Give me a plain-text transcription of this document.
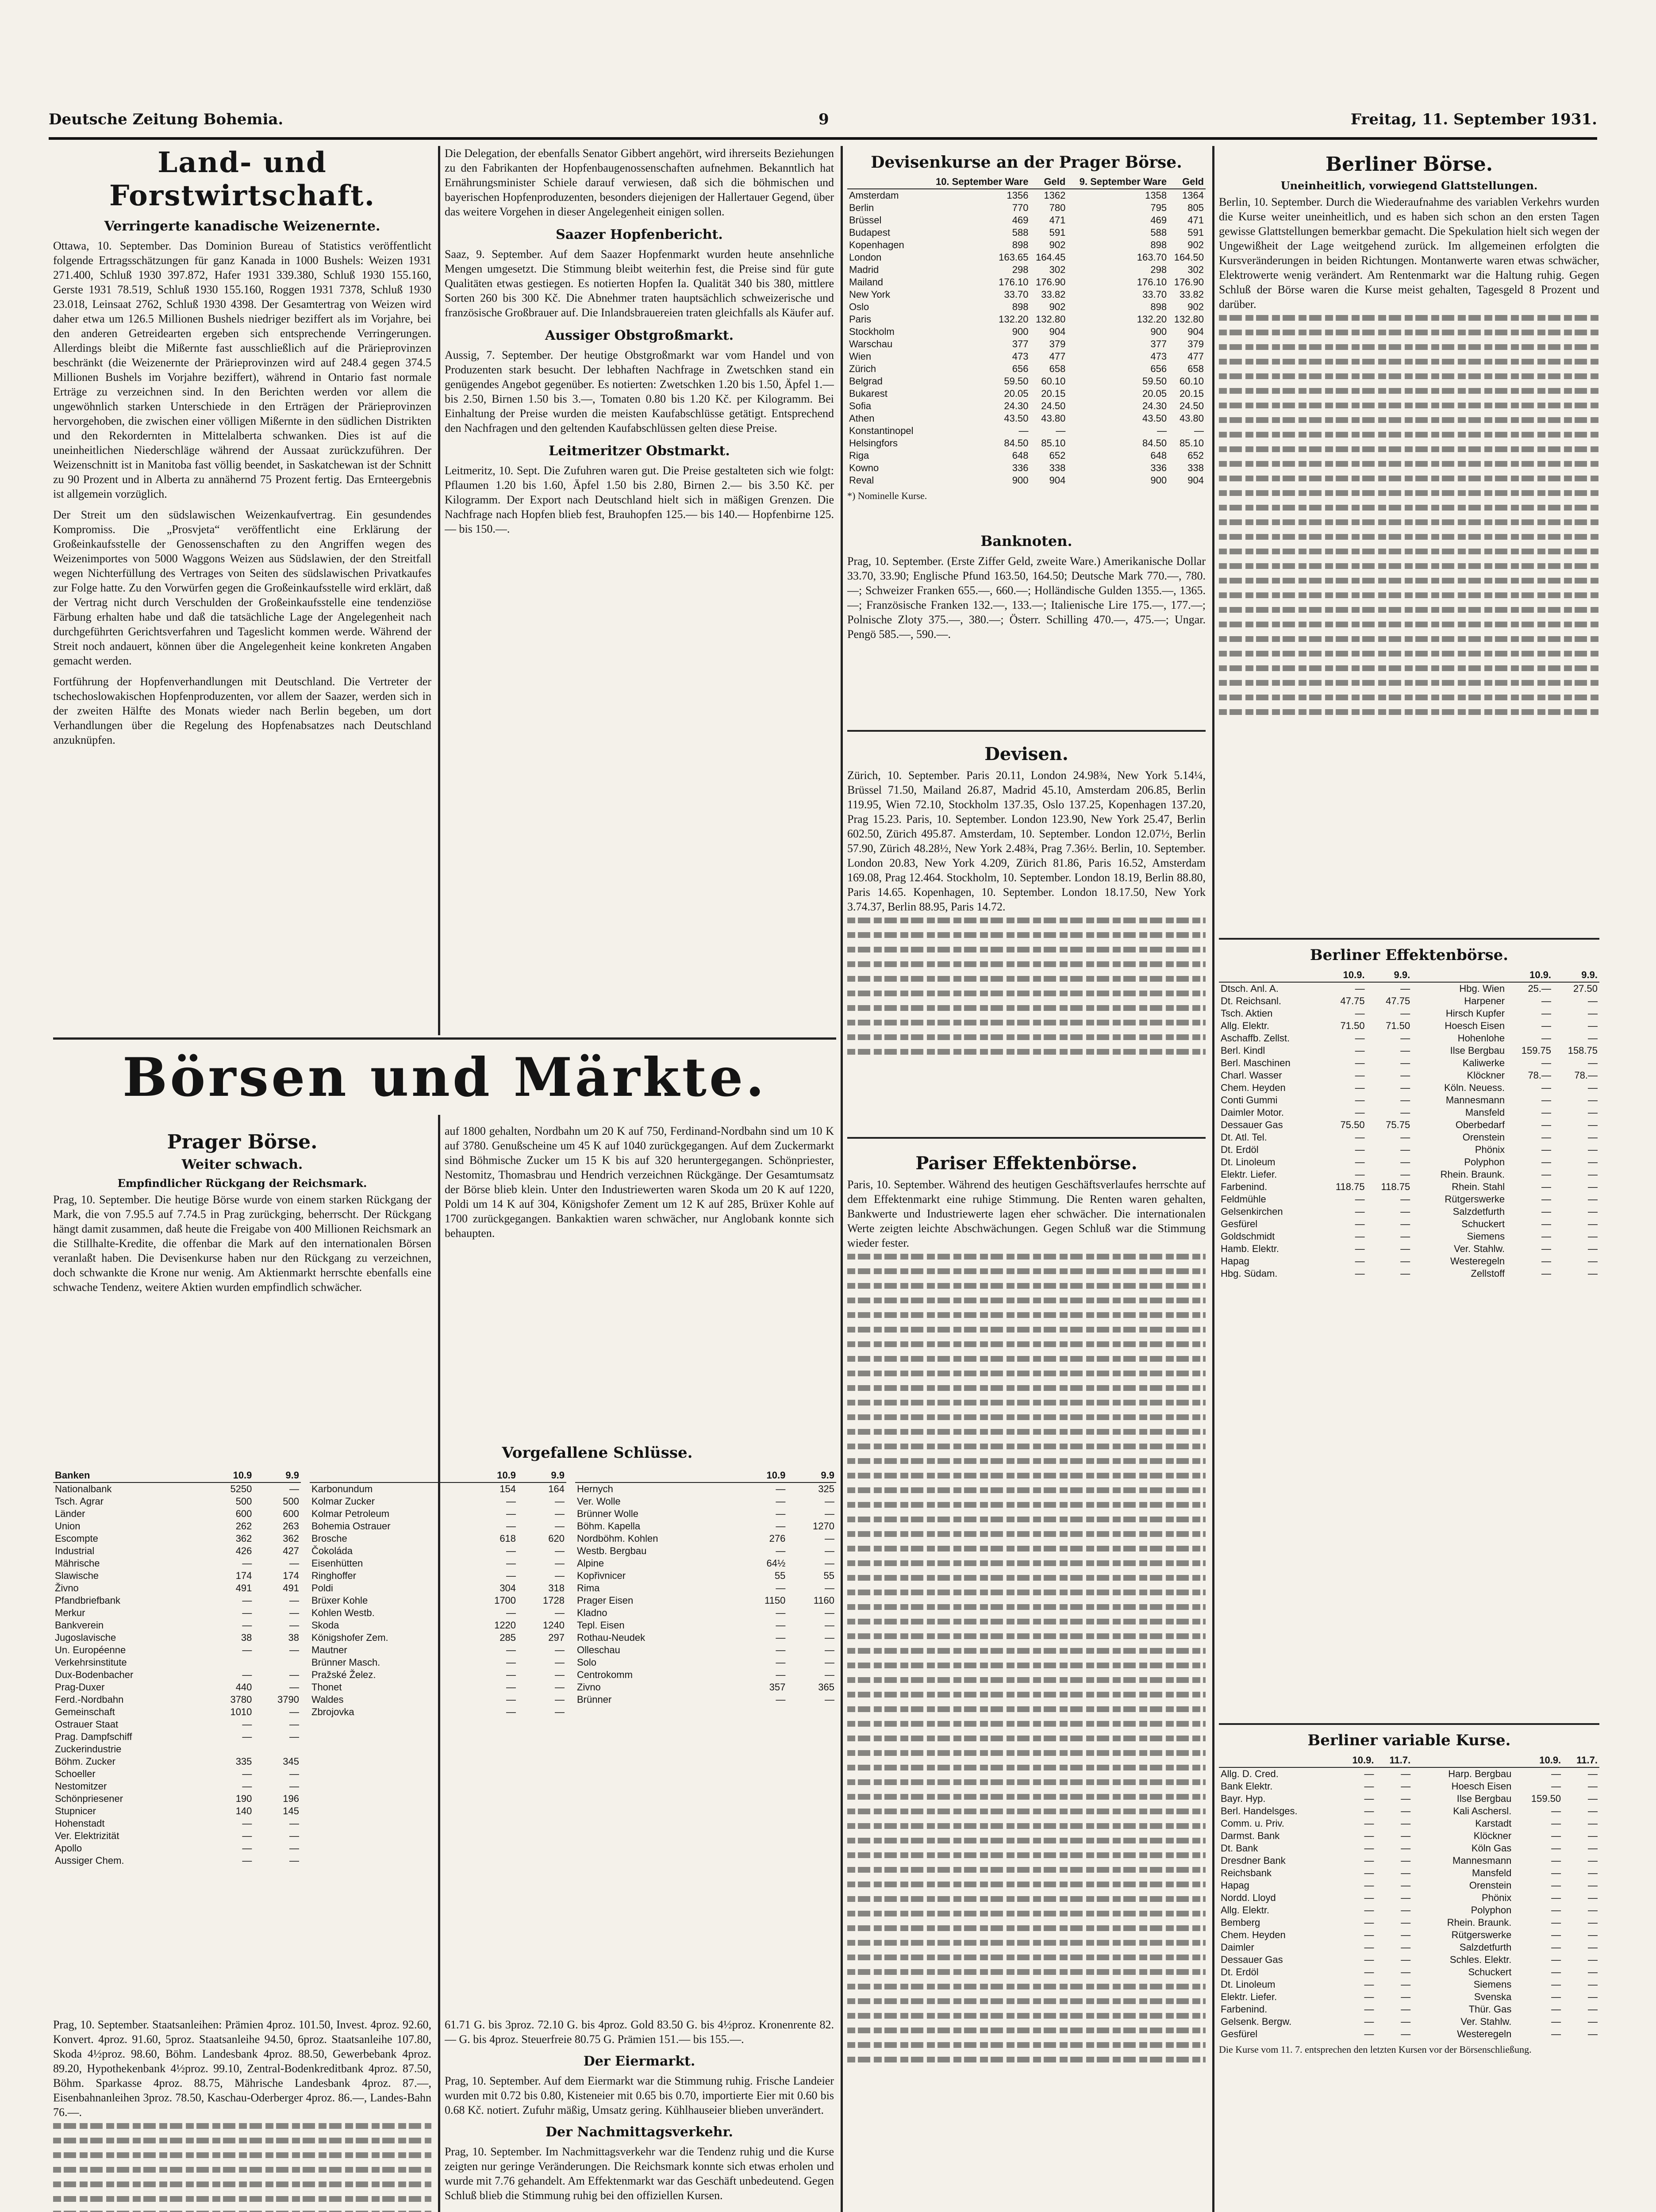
Deutsche Zeitung Bohemia.	9	Freitag, 11. September 1931.
Land- und Forstwirtschaft.
Verringerte kanadische Weizenernte.

Ottawa, 10. September. Das Dominion Bureau of Statistics veröffentlicht folgende Ertragsschätzungen für ganz Kanada in 1000 Bushels: Weizen 1931 271.400, Schluß 1930 397.872, Hafer 1931 339.380, Schluß 1930 155.160, Gerste 1931 78.519, Schluß 1930 155.160, Roggen 1931 7378, Schluß 1930 23.018, Leinsaat 2762, Schluß 1930 4398. Der Gesamtertrag von Weizen wird daher etwa um 126.5 Millionen Bushels niedriger beziffert als im Vorjahre, bei den anderen Getreidearten ergeben sich entsprechende Verringerungen. Allerdings bleibt die Mißernte fast ausschließlich auf die Prärieprovinzen beschränkt (die Weizenernte der Prärieprovinzen wird auf 248.4 gegen 374.5 Millionen Bushels im Vorjahre beziffert), während in Ontario fast normale Erträge zu verzeichnen sind. In den Berichten werden vor allem die ungewöhnlich starken Unterschiede in den Erträgen der Prärieprovinzen hervorgehoben, die zwischen einer völligen Mißernte in den südlichen Distrikten und den Rekordernten in Mittelalberta schwanken. Dies ist auf die uneinheitlichen Niederschläge während der Aussaat zurückzuführen. Der Weizenschnitt ist in Manitoba fast völlig beendet, in Saskatchewan ist der Schnitt zu 90 Prozent und in Alberta zu annähernd 75 Prozent fertig. Das Ernteergebnis ist allgemein vorzüglich.

Der Streit um den südslawischen Weizenkaufvertrag. Ein gesundendes Kompromiss. Die „Prosvjeta“ veröffentlicht eine Erklärung der Großeinkaufsstelle der Genossenschaften zu den Angriffen wegen des Weizenimportes von 5000 Waggons Weizen aus Südslawien, der den Streitfall wegen Nichterfüllung des Vertrages von Seiten des südslawischen Privatkaufes zur Folge hatte. Zu den Vorwürfen gegen die Großeinkaufsstelle wird erklärt, daß der Vertrag nicht durch Verschulden der Großeinkaufsstelle eine tendenziöse Färbung erhalten habe und daß die tatsächliche Lage der Angelegenheit nach durchgeführten Gerichtsverfahren und Tageslicht kommen werde. Während der Streit noch andauert, können über die Angelegenheit keine konkreten Angaben gemacht werden.

Fortführung der Hopfenverhandlungen mit Deutschland. Die Vertreter der tschechoslowakischen Hopfenproduzenten, vor allem der Saazer, werden sich in der zweiten Hälfte des Monats wieder nach Berlin begeben, um dort Verhandlungen über die Regelung des Hopfenabsatzes nach Deutschland anzuknüpfen.

Die Delegation, der ebenfalls Senator Gibbert angehört, wird ihrerseits Beziehungen zu den Fabrikanten der Hopfenbaugenossenschaften aufnehmen. Bekanntlich hat Ernährungsminister Schiele darauf verwiesen, daß sich die böhmischen und bayerischen Hopfenproduzenten, besonders diejenigen der Hallertauer Gegend, über das weitere Vorgehen in dieser Angelegenheit einigen sollen.

Saazer Hopfenbericht.

Saaz, 9. September. Auf dem Saazer Hopfenmarkt wurden heute ansehnliche Mengen umgesetzt. Die Stimmung bleibt weiterhin fest, die Preise sind für gute Qualitäten etwas gestiegen. Es notierten Hopfen Ia. Qualität 340 bis 380, mittlere Sorten 260 bis 300 Kč. Die Abnehmer traten hauptsächlich schweizerische und französische Großbrauer auf. Die Inlandsbrauereien traten gleichfalls als Käufer auf.

Aussiger Obstgroßmarkt.

Aussig, 7. September. Der heutige Obstgroßmarkt war vom Handel und von Produzenten stark besucht. Der lebhaften Nachfrage in Zwetschken stand ein genügendes Angebot gegenüber. Es notierten: Zwetschken 1.20 bis 1.50, Äpfel 1.— bis 2.50, Birnen 1.50 bis 3.—, Tomaten 0.80 bis 1.20 Kč. per Kilogramm. Bei Einhaltung der Preise wurden die meisten Kaufabschlüsse getätigt. Entsprechend den Nachfragen und den geltenden Kaufabschlüssen gelten diese Preise.

Leitmeritzer Obstmarkt.

Leitmeritz, 10. Sept. Die Zufuhren waren gut. Die Preise gestalteten sich wie folgt: Pflaumen 1.20 bis 1.60, Äpfel 1.50 bis 2.80, Birnen 2.— bis 3.50 Kč. per Kilogramm. Der Export nach Deutschland hielt sich in mäßigen Grenzen. Die Nachfrage nach Hopfen blieb fest, Brauhopfen 125.— bis 140.— Hopfenbirne 125.— bis 150.—.

Börsen und Märkte.
Prager Börse.
Weiter schwach.
Empfindlicher Rückgang der Reichsmark.

Prag, 10. September. Die heutige Börse wurde von einem starken Rückgang der Mark, die von 7.95.5 auf 7.74.5 in Prag zurückging, beherrscht. Der Rückgang hängt damit zusammen, daß heute die Freigabe von 400 Millionen Reichsmark an die Stillhalte-Kredite, die offenbar die Mark auf den internationalen Börsen veranlaßt haben. Die Devisenkurse haben nur den Rückgang zu verzeichnen, doch schwankte die Krone nur wenig. Am Aktienmarkt herrschte ebenfalls eine schwache Tendenz, weitere Aktien wurden empfindlich schwächer.

auf 1800 gehalten, Nordbahn um 20 K auf 750, Ferdinand-Nordbahn sind um 10 K auf 3780. Genußscheine um 45 K auf 1040 zurückgegangen. Auf dem Zuckermarkt sind Böhmische Zucker um 15 K bis auf 320 heruntergegangen. Schönpriester, Nestomitz, Thomasbrau und Hendrich verzeichnen Rückgänge. Der Gesamtumsatz der Börse blieb klein. Unter den Industriewerten waren Skoda um 20 K auf 1220, Poldi um 14 K auf 304, Königshofer Zement um 12 K auf 285, Brüxer Kohle auf 1700 zurückgegangen. Bankaktien waren schwächer, nur Anglobank konnte sich behaupten.

Vorgefallene Schlüsse.
Banken	10.9	9.9
Nationalbank	5250	—
Tsch. Agrar	500	500
Länder	600	600
Union	262	263
Escompte	362	362
Industrial	426	427
Mährische	—	—
Slawische	174	174
Živno	491	491
Pfandbriefbank	—	—
Merkur	—	—
Bankverein	—	—
Jugoslavische	38	38
Un. Européenne	—	—
Verkehrsinstitute		
Dux-Bodenbacher	—	—
Prag-Duxer	440	—
Ferd.-Nordbahn	3780	3790
Gemeinschaft	1010	—
Ostrauer Staat	—	—
Prag. Dampfschiff	—	—
Zuckerindustrie		
Böhm. Zucker	335	345
Schoeller	—	—
Nestomitzer	—	—
Schönpriesener	190	196
Stupnicer	140	145
Hohenstadt	—	—
Ver. Elektrizität	—	—
Apollo	—	—
Aussiger Chem.	—	—
	10.9	9.9
Karbonundum	154	164
Kolmar Zucker	—	—
Kolmar Petroleum	—	—
Bohemia Ostrauer	—	—
Brosche	618	620
Čokoláda	—	—
Eisenhütten	—	—
Ringhoffer	—	—
Poldi	304	318
Brüxer Kohle	1700	1728
Kohlen Westb.	—	—
Skoda	1220	1240
Königshofer Zem.	285	297
Mautner	—	—
Brünner Masch.	—	—
Pražské Želez.	—	—
Thonet	—	—
Waldes	—	—
Zbrojovka	—	—
	10.9	9.9
Hernych	—	325
Ver. Wolle	—	—
Brünner Wolle	—	—
Böhm. Kapella	—	1270
Nordböhm. Kohlen	276	—
Westb. Bergbau	—	—
Alpine	64½	—
Kopřivnicer	55	55
Rima	—	—
Prager Eisen	1150	1160
Kladno	—	—
Tepl. Eisen	—	—
Rothau-Neudek	—	—
Olleschau	—	—
Solo	—	—
Centrokomm	—	—
Zivno	357	365
Brünner	—	—

Prag, 10. September. Staatsanleihen: Prämien 4proz. 101.50, Invest. 4proz. 92.60, Konvert. 4proz. 91.60, 5proz. Staatsanleihe 94.50, 6proz. Staatsanleihe 107.80, Skoda 4½proz. 98.60, Böhm. Landesbank 4proz. 88.50, Gewerbebank 4proz. 89.20, Hypothekenbank 4½proz. 99.10, Zentral-Bodenkreditbank 4proz. 87.50, Böhm. Sparkasse 4proz. 88.75, Mährische Landesbank 4proz. 87.—, Eisenbahnanleihen 3proz. 78.50, Kaschau-Oderberger 4proz. 86.—, Landes-Bahn 76.—.

61.71 G. bis 3proz. 72.10 G. bis 4proz. Gold 83.50 G. bis 4½proz. Kronenrente 82.— G. bis 4proz. Steuerfreie 80.75 G. Prämien 151.— bis 155.—.

Der Eiermarkt.

Prag, 10. September. Auf dem Eiermarkt war die Stimmung ruhig. Frische Landeier wurden mit 0.72 bis 0.80, Kisteneier mit 0.65 bis 0.70, importierte Eier mit 0.60 bis 0.68 Kč. notiert. Zufuhr mäßig, Umsatz gering. Kühlhauseier blieben unverändert.

Der Nachmittagsverkehr.

Prag, 10. September. Im Nachmittagsverkehr war die Tendenz ruhig und die Kurse zeigten nur geringe Veränderungen. Die Reichsmark konnte sich etwas erholen und wurde mit 7.76 gehandelt. Am Effektenmarkt war das Geschäft unbedeutend. Gegen Schluß blieb die Stimmung ruhig bei den offiziellen Kursen.

Devisenkurse an der Prager Börse.
	10. September Ware	Geld	9. September Ware	Geld
Amsterdam	1356	1362	1358	1364
Berlin	770	780	795	805
Brüssel	469	471	469	471
Budapest	588	591	588	591
Kopenhagen	898	902	898	902
London	163.65	164.45	163.70	164.50
Madrid	298	302	298	302
Mailand	176.10	176.90	176.10	176.90
New York	33.70	33.82	33.70	33.82
Oslo	898	902	898	902
Paris	132.20	132.80	132.20	132.80
Stockholm	900	904	900	904
Warschau	377	379	377	379
Wien	473	477	473	477
Zürich	656	658	656	658
Belgrad	59.50	60.10	59.50	60.10
Bukarest	20.05	20.15	20.05	20.15
Sofia	24.30	24.50	24.30	24.50
Athen	43.50	43.80	43.50	43.80
Konstantinopel	—	—	—	—
Helsingfors	84.50	85.10	84.50	85.10
Riga	648	652	648	652
Kowno	336	338	336	338
Reval	900	904	900	904
*) Nominelle Kurse.
Banknoten.

Prag, 10. September. (Erste Ziffer Geld, zweite Ware.) Amerikanische Dollar 33.70, 33.90; Englische Pfund 163.50, 164.50; Deutsche Mark 770.—, 780.—; Schweizer Franken 655.—, 660.—; Holländische Gulden 1355.—, 1365.—; Französische Franken 132.—, 133.—; Italienische Lire 175.—, 177.—; Polnische Zloty 375.—, 380.—; Österr. Schilling 470.—, 475.—; Ungar. Pengö 585.—, 590.—.

Devisen.

Zürich, 10. September. Paris 20.11, London 24.98¾, New York 5.14¼, Brüssel 71.50, Mailand 26.87, Madrid 45.10, Amsterdam 206.85, Berlin 119.95, Wien 72.10, Stockholm 137.35, Oslo 137.25, Kopenhagen 137.20, Prag 15.23. Paris, 10. September. London 123.90, New York 25.47, Berlin 602.50, Zürich 495.87. Amsterdam, 10. September. London 12.07½, Berlin 57.90, Zürich 48.28½, New York 2.48¾, Prag 7.36½. Berlin, 10. September. London 20.83, New York 4.209, Zürich 81.86, Paris 16.52, Amsterdam 169.08, Prag 12.464. Stockholm, 10. September. London 18.19, Berlin 88.80, Paris 14.65. Kopenhagen, 10. September. London 18.17.50, New York 3.74.37, Berlin 88.95, Paris 14.72.

Pariser Effektenbörse.

Paris, 10. September. Während des heutigen Geschäftsverlaufes herrschte auf dem Effektenmarkt eine ruhige Stimmung. Die Renten waren gehalten, Bankwerte und Industriewerte lagen eher schwächer. Die internationalen Werte zeigten leichte Abschwächungen. Gegen Schluß war die Stimmung wieder fester.

Berliner Börse.
Uneinheitlich, vorwiegend Glattstellungen.

Berlin, 10. September. Durch die Wiederaufnahme des variablen Verkehrs wurden die Kurse weiter uneinheitlich, und es haben sich schon an den ersten Tagen gewisse Glattstellungen bemerkbar gemacht. Die Spekulation hielt sich wegen der Ungewißheit der Lage weitgehend zurück. Im allgemeinen erfolgten die Kursveränderungen in beiden Richtungen. Montanwerte waren etwas schwächer, Elektrowerte wenig verändert. Am Rentenmarkt war die Haltung ruhig. Gegen Schluß der Börse waren die Kurse meist gehalten, Tagesgeld 8 Prozent und darüber.

Berliner Effektenbörse.
	10.9.	9.9.		10.9.	9.9.
Dtsch. Anl. A.	—	—	Hbg. Wien	25.—	27.50
Dt. Reichsanl.	47.75	47.75	Harpener	—	—
Tsch. Aktien	—	—	Hirsch Kupfer	—	—
Allg. Elektr.	71.50	71.50	Hoesch Eisen	—	—
Aschaffb. Zellst.	—	—	Hohenlohe	—	—
Berl. Kindl	—	—	Ilse Bergbau	159.75	158.75
Berl. Maschinen	—	—	Kaliwerke	—	—
Charl. Wasser	—	—	Klöckner	78.—	78.—
Chem. Heyden	—	—	Köln. Neuess.	—	—
Conti Gummi	—	—	Mannesmann	—	—
Daimler Motor.	—	—	Mansfeld	—	—
Dessauer Gas	75.50	75.75	Oberbedarf	—	—
Dt. Atl. Tel.	—	—	Orenstein	—	—
Dt. Erdöl	—	—	Phönix	—	—
Dt. Linoleum	—	—	Polyphon	—	—
Elektr. Liefer.	—	—	Rhein. Braunk.	—	—
Farbenind.	118.75	118.75	Rhein. Stahl	—	—
Feldmühle	—	—	Rütgerswerke	—	—
Gelsenkirchen	—	—	Salzdetfurth	—	—
Gesfürel	—	—	Schuckert	—	—
Goldschmidt	—	—	Siemens	—	—
Hamb. Elektr.	—	—	Ver. Stahlw.	—	—
Hapag	—	—	Westeregeln	—	—
Hbg. Südam.	—	—	Zellstoff	—	—
Berliner variable Kurse.
	10.9.	11.7.		10.9.	11.7.
Allg. D. Cred.	—	—	Harp. Bergbau	—	—
Bank Elektr.	—	—	Hoesch Eisen	—	—
Bayr. Hyp.	—	—	Ilse Bergbau	159.50	—
Berl. Handelsges.	—	—	Kali Aschersl.	—	—
Comm. u. Priv.	—	—	Karstadt	—	—
Darmst. Bank	—	—	Klöckner	—	—
Dt. Bank	—	—	Köln Gas	—	—
Dresdner Bank	—	—	Mannesmann	—	—
Reichsbank	—	—	Mansfeld	—	—
Hapag	—	—	Orenstein	—	—
Nordd. Lloyd	—	—	Phönix	—	—
Allg. Elektr.	—	—	Polyphon	—	—
Bemberg	—	—	Rhein. Braunk.	—	—
Chem. Heyden	—	—	Rütgerswerke	—	—
Daimler	—	—	Salzdetfurth	—	—
Dessauer Gas	—	—	Schles. Elektr.	—	—
Dt. Erdöl	—	—	Schuckert	—	—
Dt. Linoleum	—	—	Siemens	—	—
Elektr. Liefer.	—	—	Svenska	—	—
Farbenind.	—	—	Thür. Gas	—	—
Gelsenk. Bergw.	—	—	Ver. Stahlw.	—	—
Gesfürel	—	—	Westeregeln	—	—
Die Kurse vom 11. 7. entsprechen den letzten Kursen vor der Börsenschließung.
